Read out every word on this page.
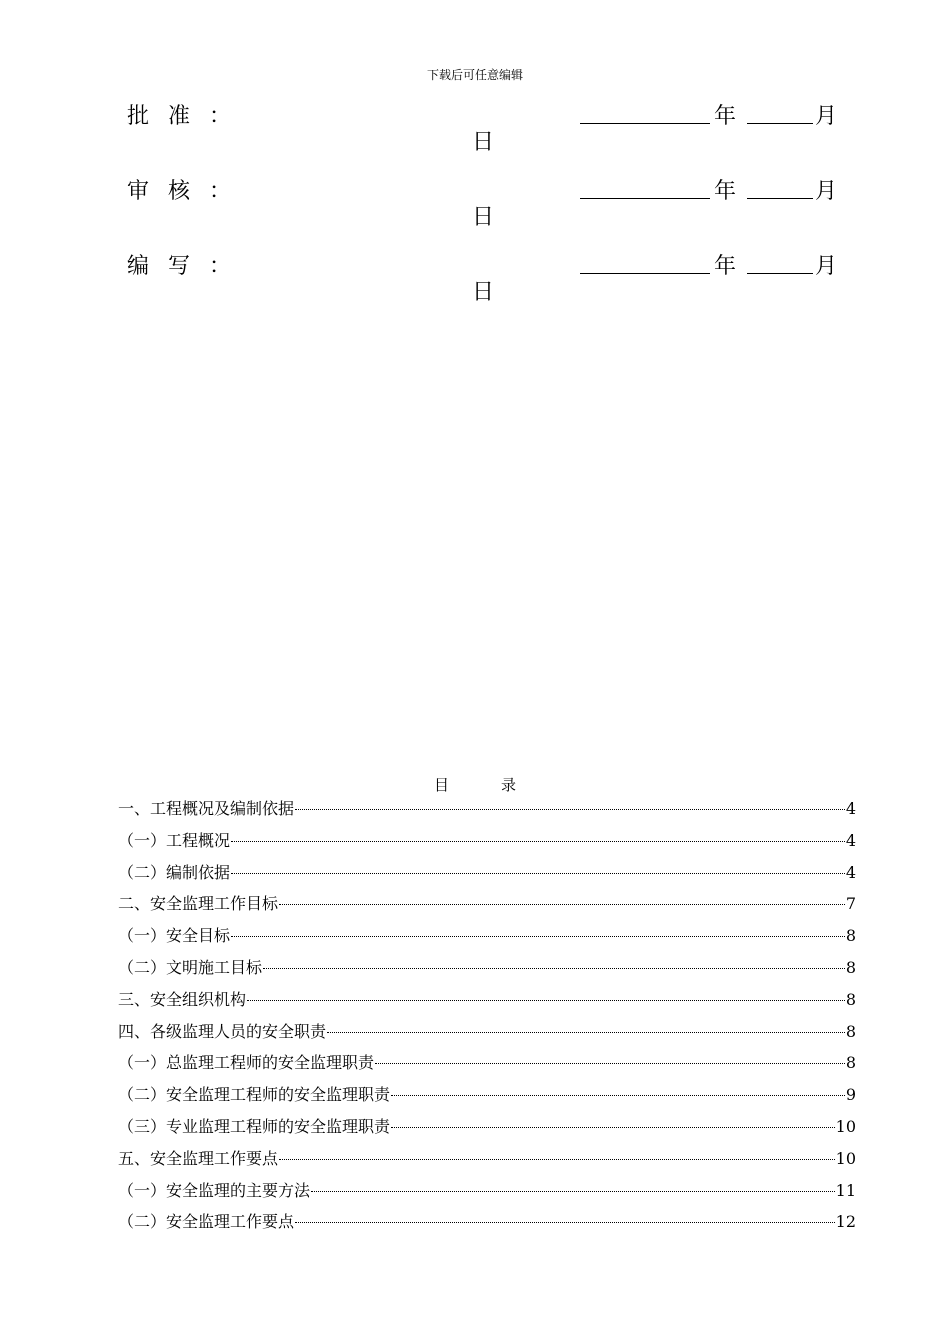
下载后可任意编辑
批 准 ：	年	月
日
审 核 ：	年	月
日
编 写 ：	年	月
日
目	录
一、工程概况及编制依据	4
（一）工程概况	4
（二）编制依据	4
二、安全监理工作目标	7
（一）安全目标	8
（二）文明施工目标	8
三、安全组织机构	8
四、各级监理人员的安全职责	8
（一）总监理工程师的安全监理职责	8
（二）安全监理工程师的安全监理职责	9
（三）专业监理工程师的安全监理职责	10
五、安全监理工作要点	10
（一）安全监理的主要方法	11
（二）安全监理工作要点	12
